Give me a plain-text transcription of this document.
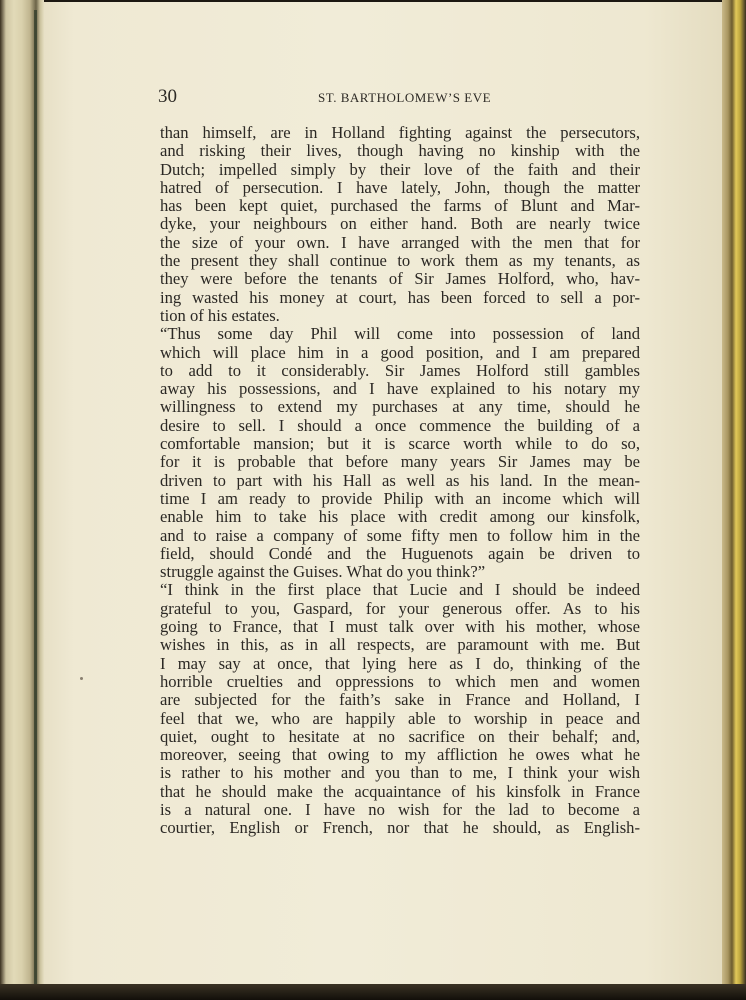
30	ST. BARTHOLOMEW’S EVE
than himself, are in Holland fighting against the persecutors,
and risking their lives, though having no kinship with the
Dutch; impelled simply by their love of the faith and their
hatred of persecution. I have lately, John, though the matter
has been kept quiet, purchased the farms of Blunt and Mar-
dyke, your neighbours on either hand. Both are nearly twice
the size of your own. I have arranged with the men that for
the present they shall continue to work them as my tenants, as
they were before the tenants of Sir James Holford, who, hav-
ing wasted his money at court, has been forced to sell a por-
tion of his estates.
“Thus some day Phil will come into possession of land
which will place him in a good position, and I am prepared
to add to it considerably. Sir James Holford still gambles
away his possessions, and I have explained to his notary my
willingness to extend my purchases at any time, should he
desire to sell. I should a once commence the building of a
comfortable mansion; but it is scarce worth while to do so,
for it is probable that before many years Sir James may be
driven to part with his Hall as well as his land. In the mean-
time I am ready to provide Philip with an income which will
enable him to take his place with credit among our kinsfolk,
and to raise a company of some fifty men to follow him in the
field, should Condé and the Huguenots again be driven to
struggle against the Guises. What do you think?”
“I think in the first place that Lucie and I should be indeed
grateful to you, Gaspard, for your generous offer. As to his
going to France, that I must talk over with his mother, whose
wishes in this, as in all respects, are paramount with me. But
I may say at once, that lying here as I do, thinking of the
horrible cruelties and oppressions to which men and women
are subjected for the faith’s sake in France and Holland, I
feel that we, who are happily able to worship in peace and
quiet, ought to hesitate at no sacrifice on their behalf; and,
moreover, seeing that owing to my affliction he owes what he
is rather to his mother and you than to me, I think your wish
that he should make the acquaintance of his kinsfolk in France
is a natural one. I have no wish for the lad to become a
courtier, English or French, nor that he should, as English-
